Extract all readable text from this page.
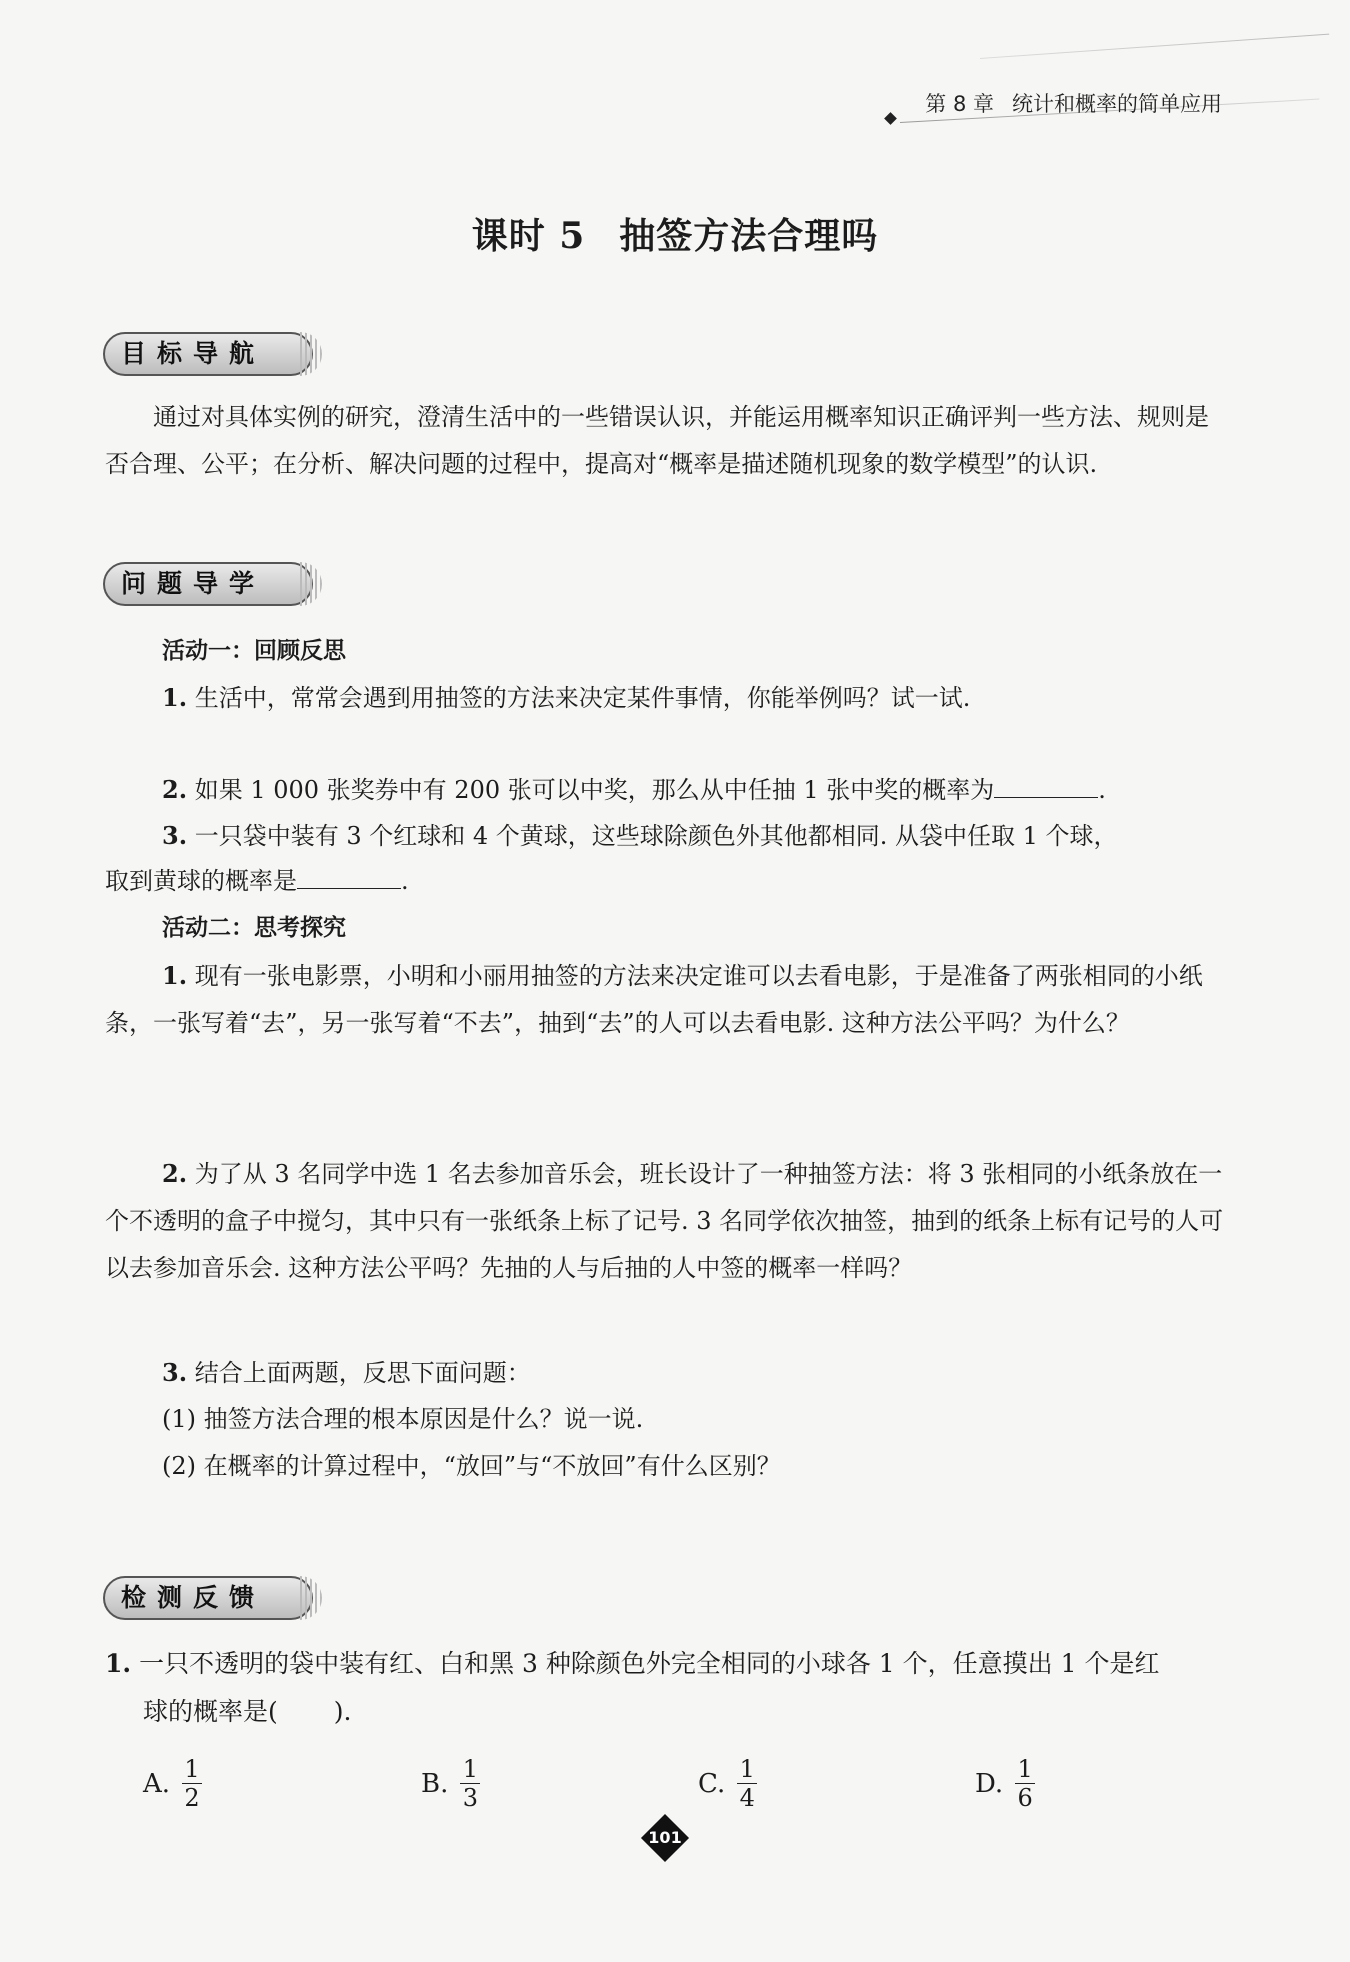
第 8 章 统计和概率的简单应用
课时 5 抽签方法合理吗
目标导航
通过对具体实例的研究，澄清生活中的一些错误认识，并能运用概率知识正确评判一些方法、规则是否合理、公平；在分析、解决问题的过程中，提高对“概率是描述随机现象的数学模型”的认识.
问题导学
活动一：回顾反思
1. 生活中，常常会遇到用抽签的方法来决定某件事情，你能举例吗？试一试.
2. 如果 1 000 张奖券中有 200 张可以中奖，那么从中任抽 1 张中奖的概率为	.
3. 一只袋中装有 3 个红球和 4 个黄球，这些球除颜色外其他都相同. 从袋中任取 1 个球，
取到黄球的概率是	.
活动二：思考探究
1. 现有一张电影票，小明和小丽用抽签的方法来决定谁可以去看电影，于是准备了两张相同的小纸条，一张写着“去”，另一张写着“不去”，抽到“去”的人可以去看电影. 这种方法公平吗？为什么？
2. 为了从 3 名同学中选 1 名去参加音乐会，班长设计了一种抽签方法：将 3 张相同的小纸条放在一个不透明的盒子中搅匀，其中只有一张纸条上标了记号. 3 名同学依次抽签，抽到的纸条上标有记号的人可以去参加音乐会. 这种方法公平吗？先抽的人与后抽的人中签的概率一样吗？
3. 结合上面两题，反思下面问题：
(1) 抽签方法合理的根本原因是什么？说一说.
(2) 在概率的计算过程中，“放回”与“不放回”有什么区别？
检测反馈
1. 一只不透明的袋中装有红、白和黑 3 种除颜色外完全相同的小球各 1 个，任意摸出 1 个是红
球的概率是( ).
A. $\frac{1}{2}$	B. $\frac{1}{3}$	C. $\frac{1}{4}$	D. $\frac{1}{6}$
101
